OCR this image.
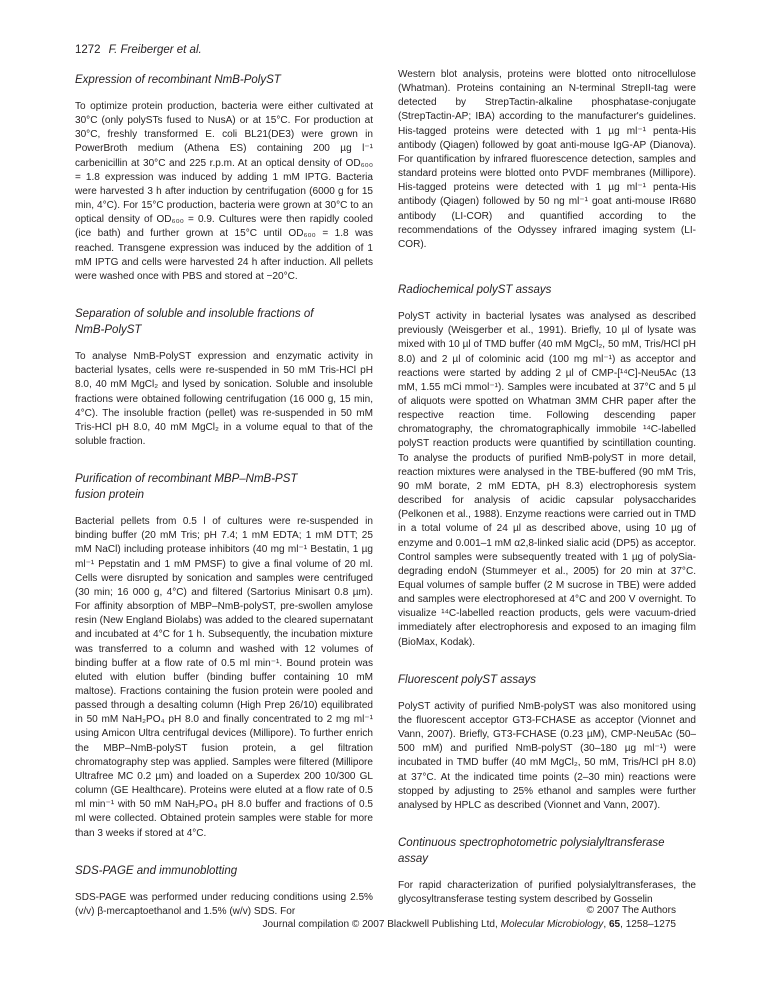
1272 F. Freiberger et al.
Expression of recombinant NmB-PolyST

To optimize protein production, bacteria were either cultivated at 30°C (only polySTs fused to NusA) or at 15°C. For production at 30°C, freshly transformed E. coli BL21(DE3) were grown in PowerBroth medium (Athena ES) containing 200 µg l⁻¹ carbenicillin at 30°C and 225 r.p.m. At an optical density of OD₆₀₀ = 1.8 expression was induced by adding 1 mM IPTG. Bacteria were harvested 3 h after induction by centrifugation (6000 g for 15 min, 4°C). For 15°C production, bacteria were grown at 30°C to an optical density of OD₆₀₀ = 0.9. Cultures were then rapidly cooled (ice bath) and further grown at 15°C until OD₆₀₀ = 1.8 was reached. Transgene expression was induced by the addition of 1 mM IPTG and cells were harvested 24 h after induction. All pellets were washed once with PBS and stored at −20°C.

Separation of soluble and insoluble fractions of NmB-PolyST

To analyse NmB-PolyST expression and enzymatic activity in bacterial lysates, cells were re-suspended in 50 mM Tris-HCl pH 8.0, 40 mM MgCl₂ and lysed by sonication. Soluble and insoluble fractions were obtained following centrifugation (16 000 g, 15 min, 4°C). The insoluble fraction (pellet) was re-suspended in 50 mM Tris-HCl pH 8.0, 40 mM MgCl₂ in a volume equal to that of the soluble fraction.

Purification of recombinant MBP–NmB-PST fusion protein

Bacterial pellets from 0.5 l of cultures were re-suspended in binding buffer (20 mM Tris; pH 7.4; 1 mM EDTA; 1 mM DTT; 25 mM NaCl) including protease inhibitors (40 mg ml⁻¹ Bestatin, 1 µg ml⁻¹ Pepstatin and 1 mM PMSF) to give a final volume of 20 ml. Cells were disrupted by sonication and samples were centrifuged (30 min; 16 000 g, 4°C) and filtered (Sartorius Minisart 0.8 µm). For affinity absorption of MBP–NmB-polyST, pre-swollen amylose resin (New England Biolabs) was added to the cleared supernatant and incubated at 4°C for 1 h. Subsequently, the incubation mixture was transferred to a column and washed with 12 volumes of binding buffer at a flow rate of 0.5 ml min⁻¹. Bound protein was eluted with elution buffer (binding buffer containing 10 mM maltose). Fractions containing the fusion protein were pooled and passed through a desalting column (High Prep 26/10) equilibrated in 50 mM NaH₂PO₄ pH 8.0 and finally concentrated to 2 mg ml⁻¹ using Amicon Ultra centrifugal devices (Millipore). To further enrich the MBP–NmB-polyST fusion protein, a gel filtration chromatography step was applied. Samples were filtered (Millipore Ultrafree MC 0.2 µm) and loaded on a Superdex 200 10/300 GL column (GE Healthcare). Proteins were eluted at a flow rate of 0.5 ml min⁻¹ with 50 mM NaH₂PO₄ pH 8.0 buffer and fractions of 0.5 ml were collected. Obtained protein samples were stable for more than 3 weeks if stored at 4°C.

SDS-PAGE and immunoblotting

SDS-PAGE was performed under reducing conditions using 2.5% (v/v) β-mercaptoethanol and 1.5% (w/v) SDS. For

Western blot analysis, proteins were blotted onto nitrocellulose (Whatman). Proteins containing an N-terminal StrepII-tag were detected by StrepTactin-alkaline phosphatase-conjugate (StrepTactin-AP; IBA) according to the manufacturer's guidelines. His-tagged proteins were detected with 1 µg ml⁻¹ penta-His antibody (Qiagen) followed by goat anti-mouse IgG-AP (Dianova). For quantification by infrared fluorescence detection, samples and standard proteins were blotted onto PVDF membranes (Millipore). His-tagged proteins were detected with 1 µg ml⁻¹ penta-His antibody (Qiagen) followed by 50 ng ml⁻¹ goat anti-mouse IR680 antibody (LI-COR) and quantified according to the recommendations of the Odyssey infrared imaging system (LI-COR).

Radiochemical polyST assays

PolyST activity in bacterial lysates was analysed as described previously (Weisgerber et al., 1991). Briefly, 10 µl of lysate was mixed with 10 µl of TMD buffer (40 mM MgCl₂, 50 mM, Tris/HCl pH 8.0) and 2 µl of colominic acid (100 mg ml⁻¹) as acceptor and reactions were started by adding 2 µl of CMP-[¹⁴C]-Neu5Ac (13 mM, 1.55 mCi mmol⁻¹). Samples were incubated at 37°C and 5 µl of aliquots were spotted on Whatman 3MM CHR paper after the respective reaction time. Following descending paper chromatography, the chromatographically immobile ¹⁴C-labelled polyST reaction products were quantified by scintillation counting. To analyse the products of purified NmB-polyST in more detail, reaction mixtures were analysed in the TBE-buffered (90 mM Tris, 90 mM borate, 2 mM EDTA, pH 8.3) electrophoresis system described for analysis of acidic capsular polysaccharides (Pelkonen et al., 1988). Enzyme reactions were carried out in TMD in a total volume of 24 µl as described above, using 10 µg of enzyme and 0.001–1 mM α2,8-linked sialic acid (DP5) as acceptor. Control samples were subsequently treated with 1 µg of polySia-degrading endoN (Stummeyer et al., 2005) for 20 min at 37°C. Equal volumes of sample buffer (2 M sucrose in TBE) were added and samples were electrophoresed at 4°C and 200 V overnight. To visualize ¹⁴C-labelled reaction products, gels were vacuum-dried immediately after electrophoresis and exposed to an imaging film (BioMax, Kodak).

Fluorescent polyST assays

PolyST activity of purified NmB-polyST was also monitored using the fluorescent acceptor GT3-FCHASE as acceptor (Vionnet and Vann, 2007). Briefly, GT3-FCHASE (0.23 µM), CMP-Neu5Ac (50–500 mM) and purified NmB-polyST (30–180 µg ml⁻¹) were incubated in TMD buffer (40 mM MgCl₂, 50 mM, Tris/HCl pH 8.0) at 37°C. At the indicated time points (2–30 min) reactions were stopped by adjusting to 25% ethanol and samples were further analysed by HPLC as described (Vionnet and Vann, 2007).

Continuous spectrophotometric polysialyltransferase assay

For rapid characterization of purified polysialyltransferases, the glycosyltransferase testing system described by Gosselin

© 2007 The Authors
Journal compilation © 2007 Blackwell Publishing Ltd, Molecular Microbiology, 65, 1258–1275
